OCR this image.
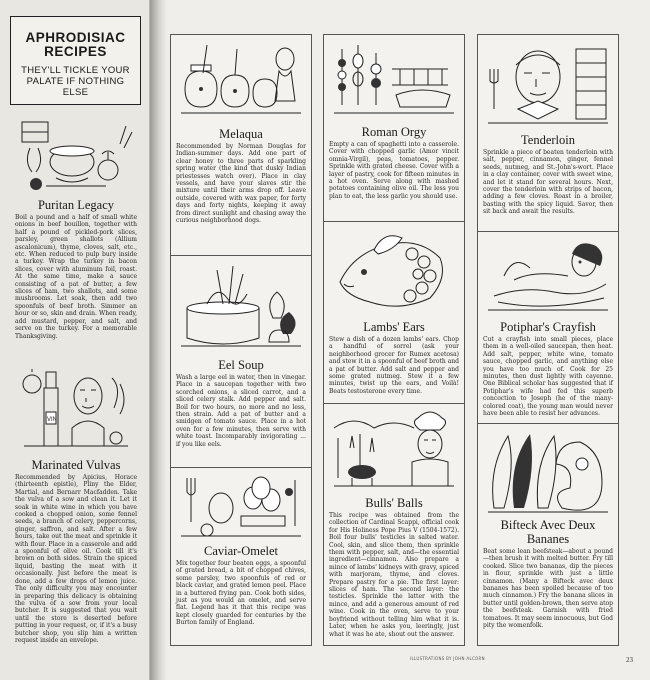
APHRODISIAC RECIPES
THEY'LL TICKLE YOUR PALATE IF NOTHING ELSE
Puritan Legacy
Boil a pound and a half of small white onions in beef bouillon, together with half a pound of pickled-pork slices, parsley, green shallots (Allium ascalonicum), thyme, cloves, salt, etc., etc. When reduced to pulp bury inside a turkey. Wrap the turkey in bacon slices, cover with aluminum foil, roast. At the same time, make a sauce consisting of a pat of butter, a few slices of ham, two shallots, and some mushrooms. Let soak, then add two spoonfuls of beef broth. Simmer an hour or so, skin and drain. When ready, add mustard, pepper, and salt, and serve on the turkey. For a memorable Thanksgiving.
VIN
Marinated Vulvas
Recommended by Apicius, Horace (thirteenth epistle), Pliny the Elder, Martial, and Bernarr Macfadden. Take the vulva of a sow and clean it. Let it soak in white wine in which you have cooked a chopped onion, some fennel seeds, a branch of celery, peppercorns, ginger, saffron, and salt. After a few hours, take out the meat and sprinkle it with flour. Place in a casserole and add a spoonful of olive oil. Cook till it's brown on both sides. Strain the spiced liquid, basting the meat with it occasionally. Just before the meat is done, add a few drops of lemon juice. The only difficulty you may encounter in preparing this delicacy is obtaining the vulva of a sow from your local butcher. It is suggested that you wait until the store is deserted before putting in your request, or, if it's a busy butcher shop, you slip him a written request inside an envelope.
Melaqua
Recommended by Norman Douglas for Indian-summer days. Add one part of clear honey to three parts of sparkling spring water (the kind that dusky Indian priestesses watch over). Place in clay vessels, and have your slaves stir the mixture until their arms drop off. Leave outside, covered with wax paper, for forty days and forty nights, keeping it away from direct sunlight and chasing away the curious neighborhood dogs.
Eel Soup
Wash a large eel in water, then in vinegar. Place in a saucepan together with two scorched onions, a sliced carrot, and a sliced celery stalk. Add pepper and salt. Boil for two hours, no more and no less, then strain. Add a pat of butter and a smidgen of tomato sauce. Place in a hot oven for a few minutes, then serve with white toast. Incomparably invigorating ... if you like eels.
Caviar-Omelet
Mix together four beaten eggs, a spoonful of grated bread, a bit of chopped chives, some parsley, two spoonfuls of red or black caviar, and grated lemon peel. Place in a buttered frying pan. Cook both sides, just as you would an omelet, and serve flat. Legend has it that this recipe was kept closely guarded for centuries by the Burton family of England.
Roman Orgy
Empty a can of spaghetti into a casserole. Cover with chopped garlic (Amor vincit omnia-Virgil), peas, tomatoes, pepper. Sprinkle with grated cheese. Cover with a layer of pastry, cook for fifteen minutes in a hot oven. Serve along with mashed potatoes containing olive oil. The less you plan to eat, the less garlic you should use.
Lambs' Ears
Stew a dish of a dozen lambs' ears. Chop a handful of sorrel (ask your neighborhood grocer for Rumex acetosa) and stew it in a spoonful of beef broth and a pat of butter. Add salt and pepper and some grated nutmeg. Stew it a few minutes, twist up the ears, and Voilà! Beats testosterone every time.
Bulls' Balls
This recipe was obtained from the collection of Cardinal Scappi, official cook for His Holiness Pope Pius V (1504-1572). Boil four bulls' testicles in salted water. Cool, skin, and slice them, then sprinkle them with pepper, salt, and—the essential ingredient—cinnamon. Also prepare a mince of lambs' kidneys with gravy, spiced with marjoram, thyme, and cloves. Prepare pastry for a pie. The first layer: slices of ham. The second layer: the testicles. Sprinkle the latter with the mince, and add a generous amount of red wine. Cook in the oven, serve to your boyfriend without telling him what it is. Later, when he asks you, leeringly, just what it was he ate, shout out the answer.
Tenderloin
Sprinkle a piece of beaten tenderloin with salt, pepper, cinnamon, ginger, fennel seeds, nutmeg, and St.-John's-wort. Place in a clay container, cover with sweet wine, and let it stand for several hours. Next, cover the tenderloin with strips of bacon, adding a few cloves. Roast in a broiler, basting with the spicy liquid. Savor, then sit back and await the results.
Potiphar's Crayfish
Cut a crayfish into small pieces, place them in a well-oiled saucepan, then heat. Add salt, pepper, white wine, tomato sauce, chopped garlic, and anything else you have too much of. Cook for 25 minutes, then dust lightly with cayenne. One Biblical scholar has suggested that if Potiphar's wife had fed this superb concoction to Joseph (he of the many-colored coat), the young man would never have been able to resist her advances.
Bifteck Avec Deux Bananes
Beat some lean beefsteak—about a pound—then brush it with melted butter. Fry till cooked. Slice two bananas, dip the pieces in flour, sprinkle with just a little cinnamon. (Many a Bifteck avec deux bananes has been spoiled because of too much cinnamon.) Fry the banana slices in butter until golden-brown, then serve atop the beefsteak. Garnish with fried tomatoes. It may seem innocuous, but God pity the womenfolk.
ILLUSTRATIONS BY JOHN ALCORN	23
